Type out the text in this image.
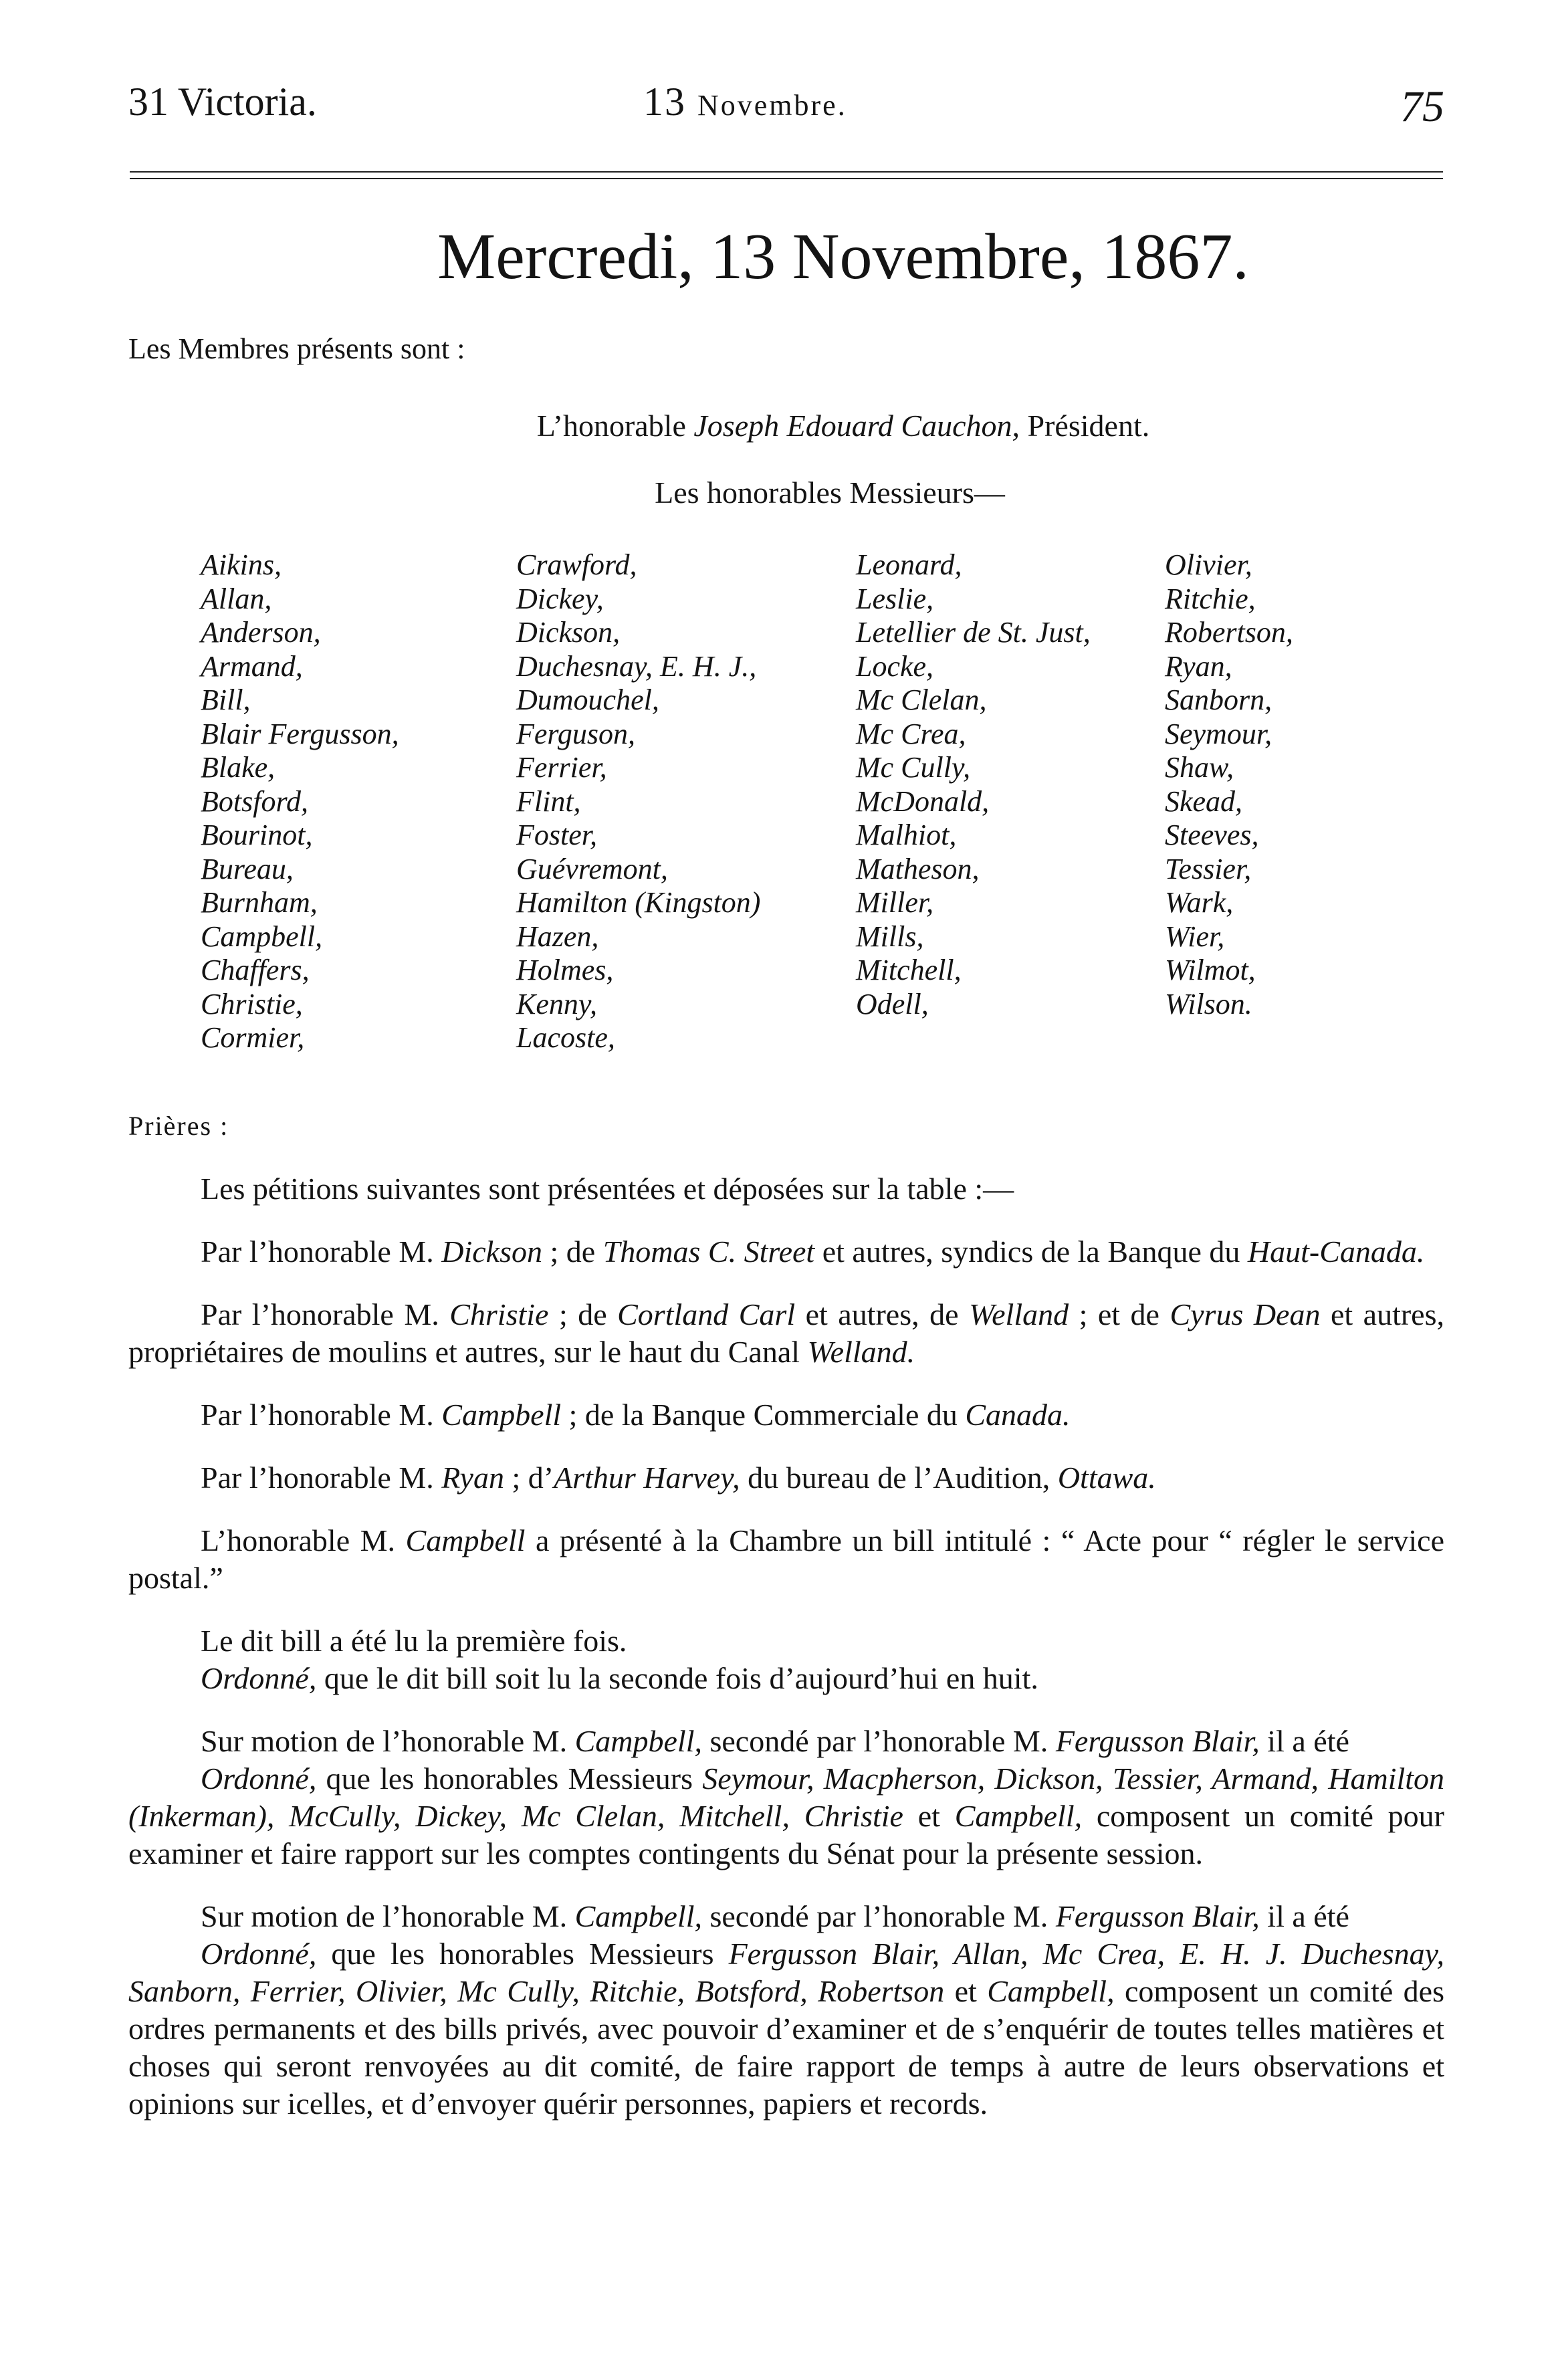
31 Victoria.	13 Novembre.	75
Mercredi, 13 Novembre, 1867.
Les Membres présents sont :
L’honorable Joseph Edouard Cauchon, Président.
Les honorables Messieurs—
Aikins,
Allan,
Anderson,
Armand,
Bill,
Blair Fergusson,
Blake,
Botsford,
Bourinot,
Bureau,
Burnham,
Campbell,
Chaffers,
Christie,
Cormier,
Crawford,
Dickey,
Dickson,
Duchesnay, E. H. J.,
Dumouchel,
Ferguson,
Ferrier,
Flint,
Foster,
Guévremont,
Hamilton (Kingston)
Hazen,
Holmes,
Kenny,
Lacoste,
Leonard,
Leslie,
Letellier de St. Just,
Locke,
Mc Clelan,
Mc Crea,
Mc Cully,
McDonald,
Malhiot,
Matheson,
Miller,
Mills,
Mitchell,
Odell,
Olivier,
Ritchie,
Robertson,
Ryan,
Sanborn,
Seymour,
Shaw,
Skead,
Steeves,
Tessier,
Wark,
Wier,
Wilmot,
Wilson.
Prières :

Les pétitions suivantes sont présentées et déposées sur la table :—

Par l’honorable M. Dickson ; de Thomas C. Street et autres, syndics de la Banque du Haut-Canada.

Par l’honorable M. Christie ; de Cortland Carl et autres, de Welland ; et de Cyrus Dean et autres, propriétaires de moulins et autres, sur le haut du Canal Welland.

Par l’honorable M. Campbell ; de la Banque Commerciale du Canada.

Par l’honorable M. Ryan ; d’Arthur Harvey, du bureau de l’Audition, Ottawa.

L’honorable M. Campbell a présenté à la Chambre un bill intitulé : “ Acte pour “ régler le service postal.”

Le dit bill a été lu la première fois.

Ordonné, que le dit bill soit lu la seconde fois d’aujourd’hui en huit.

Sur motion de l’honorable M. Campbell, secondé par l’honorable M. Fergusson Blair, il a été

Ordonné, que les honorables Messieurs Seymour, Macpherson, Dickson, Tessier, Armand, Hamilton (Inkerman), McCully, Dickey, Mc Clelan, Mitchell, Christie et Campbell, composent un comité pour examiner et faire rapport sur les comptes contingents du Sénat pour la présente session.

Sur motion de l’honorable M. Campbell, secondé par l’honorable M. Fergusson Blair, il a été

Ordonné, que les honorables Messieurs Fergusson Blair, Allan, Mc Crea, E. H. J. Duchesnay, Sanborn, Ferrier, Olivier, Mc Cully, Ritchie, Botsford, Robertson et Campbell, composent un comité des ordres permanents et des bills privés, avec pouvoir d’examiner et de s’enquérir de toutes telles matières et choses qui seront renvoyées au dit comité, de faire rapport de temps à autre de leurs observations et opinions sur icelles, et d’envoyer quérir personnes, papiers et records.
